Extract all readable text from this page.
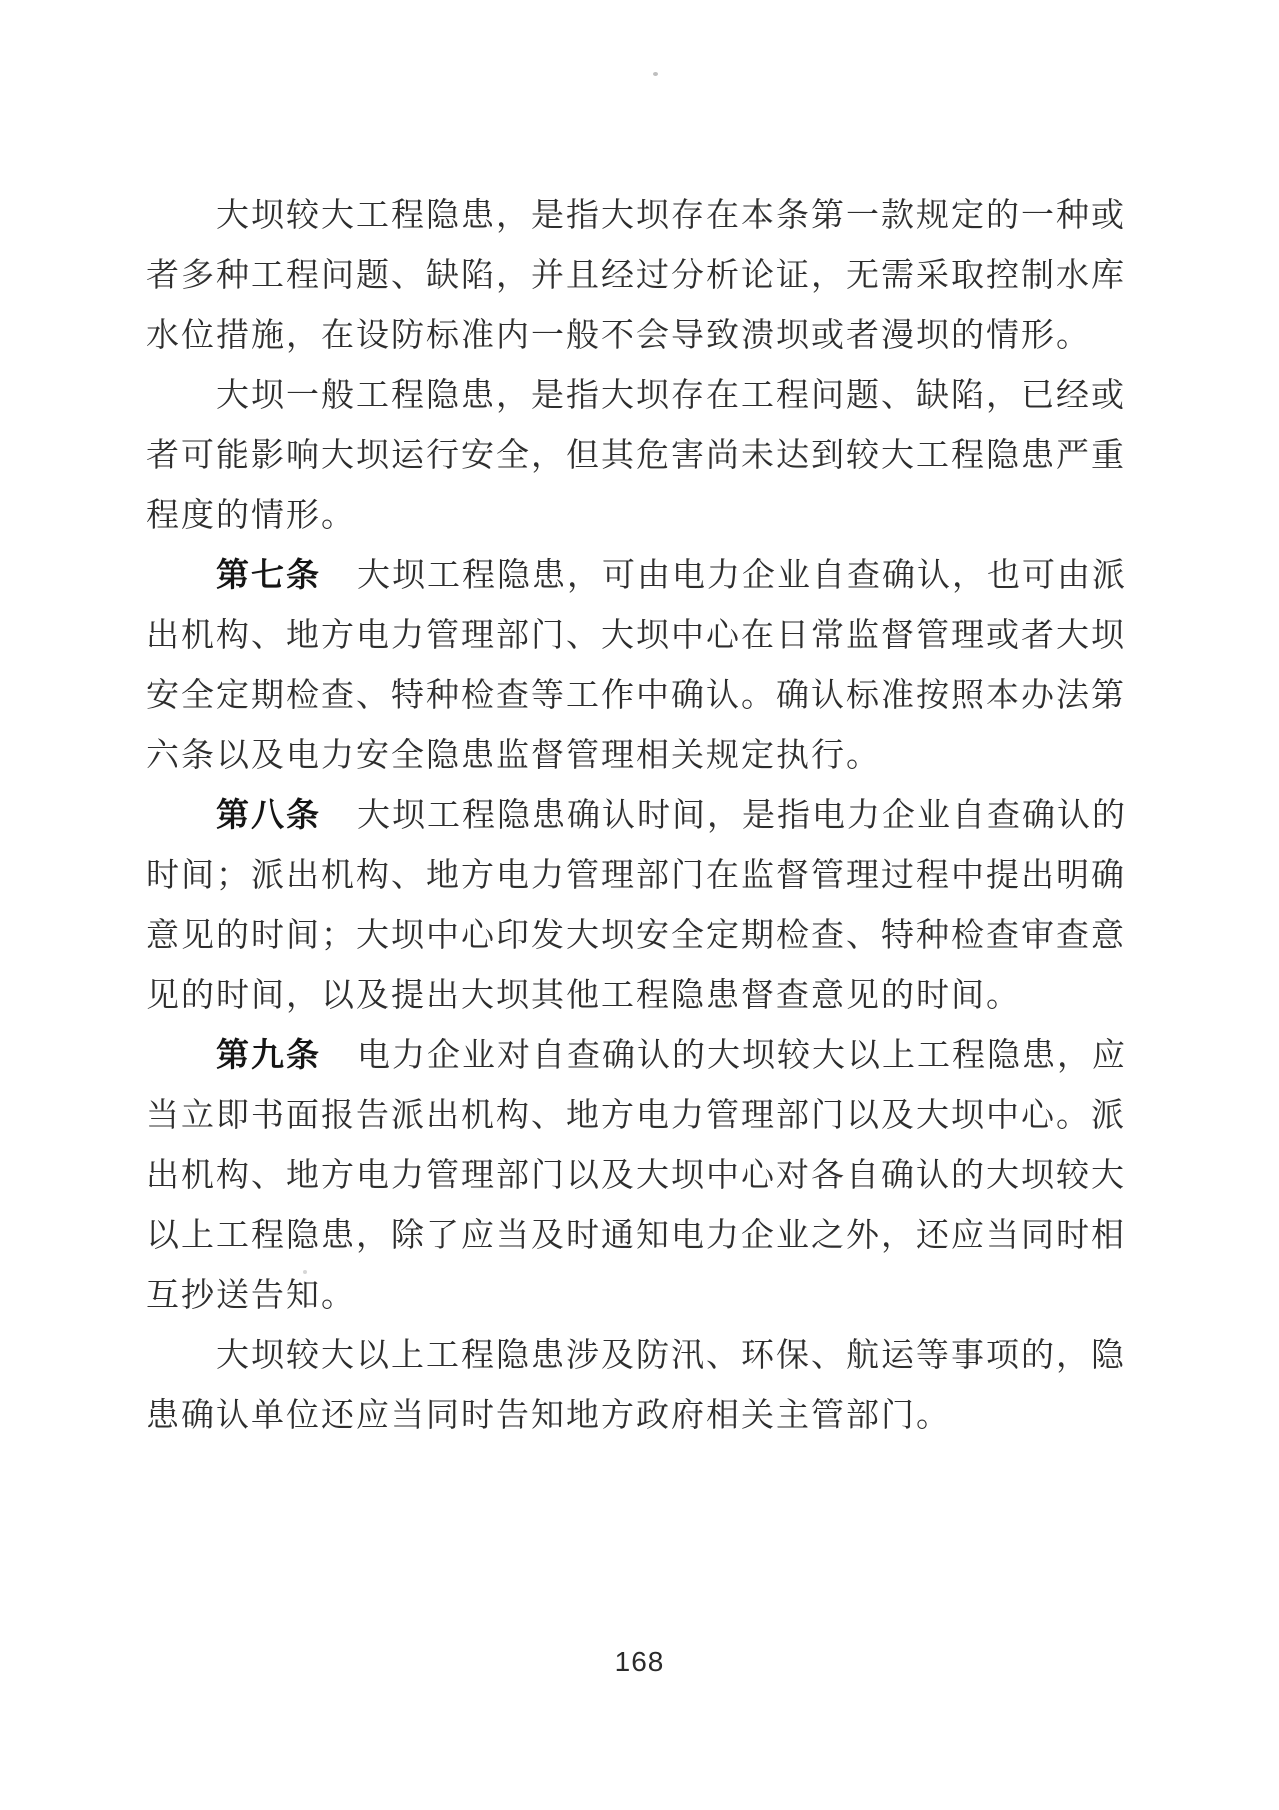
大坝较大工程隐患，是指大坝存在本条第一款规定的一种或
者多种工程问题、缺陷，并且经过分析论证，无需采取控制水库
水位措施，在设防标准内一般不会导致溃坝或者漫坝的情形。
大坝一般工程隐患，是指大坝存在工程问题、缺陷，已经或
者可能影响大坝运行安全，但其危害尚未达到较大工程隐患严重
程度的情形。
第七条 大坝工程隐患，可由电力企业自查确认，也可由派
出机构、地方电力管理部门、大坝中心在日常监督管理或者大坝
安全定期检查、特种检查等工作中确认。确认标准按照本办法第
六条以及电力安全隐患监督管理相关规定执行。
第八条 大坝工程隐患确认时间，是指电力企业自查确认的
时间；派出机构、地方电力管理部门在监督管理过程中提出明确
意见的时间；大坝中心印发大坝安全定期检查、特种检查审查意
见的时间，以及提出大坝其他工程隐患督查意见的时间。
第九条 电力企业对自查确认的大坝较大以上工程隐患，应
当立即书面报告派出机构、地方电力管理部门以及大坝中心。派
出机构、地方电力管理部门以及大坝中心对各自确认的大坝较大
以上工程隐患，除了应当及时通知电力企业之外，还应当同时相
互抄送告知。
大坝较大以上工程隐患涉及防汛、环保、航运等事项的，隐
患确认单位还应当同时告知地方政府相关主管部门。
168
